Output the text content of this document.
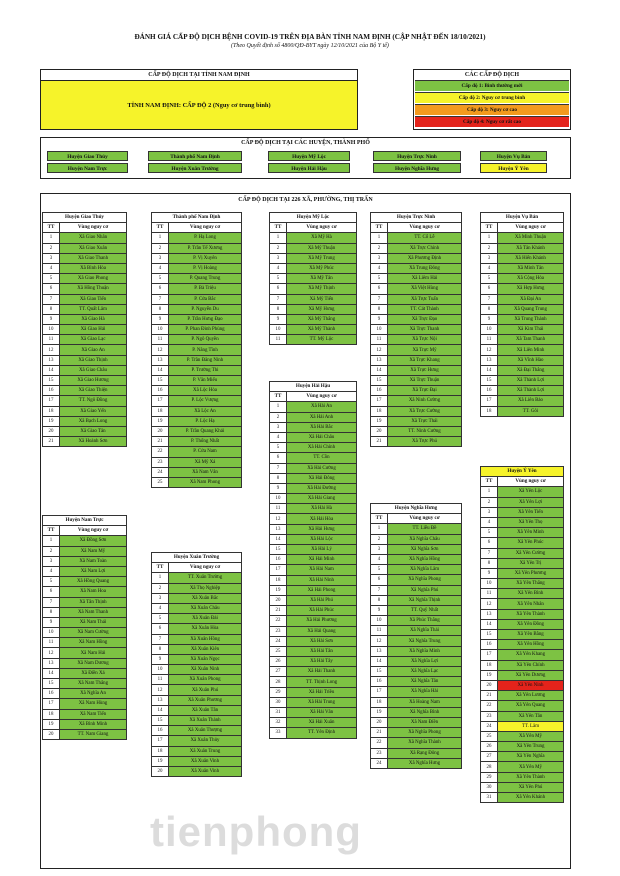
ĐÁNH GIÁ CẤP ĐỘ DỊCH BỆNH COVID-19 TRÊN ĐỊA BÀN TỈNH NAM ĐỊNH (CẬP NHẬT ĐẾN 18/10/2021)
(Theo Quyết định số 4800/QĐ-BYT ngày 12/10/2021 của Bộ Y tế)
CẤP ĐỘ DỊCH TẠI TỈNH NAM ĐỊNH
TỈNH NAM ĐỊNH: CẤP ĐỘ 2 (Nguy cơ trung bình)
CÁC CẤP ĐỘ DỊCH
Cấp độ 1: Bình thường mới
Cấp độ 2: Nguy cơ trung bình
Cấp độ 3: Nguy cơ cao
Cấp độ 4: Nguy cơ rất cao
CẤP ĐỘ DỊCH TẠI CÁC HUYỆN, THÀNH PHỐ
Huyện Giao Thủy	Thành phố Nam Định	Huyện Mỹ Lộc	Huyện Trực Ninh	Huyện Vụ Bản
Huyện Nam Trực	Huyện Xuân Trường	Huyện Hải Hậu	Huyện Nghĩa Hưng	Huyện Ý Yên
CẤP ĐỘ DỊCH TẠI 226 XÃ, PHƯỜNG, THỊ TRẤN
Huyện Giao Thủy	
TT	Vùng nguy cơ
1	Xã Giao Nhân
2	Xã Giao Xuân
3	Xã Giao Thanh
4	Xã Bình Hòa
5	Xã Giao Phong
6	Xã Hồng Thuận
7	Xã Giao Tiến
8	TT. Quất Lâm
9	Xã Giao Hà
10	Xã Giao Hải
11	Xã Giao Lạc
12	Xã Giao An
13	Xã Giao Thịnh
14	Xã Giao Châu
15	Xã Giao Hương
16	Xã Giao Thiện
17	TT. Ngô Đồng
18	Xã Giao Yến
19	Xã Bạch Long
20	Xã Giao Tân
21	Xã Hoành Sơn
Huyện Nam Trực	
TT	Vùng nguy cơ
1	Xã Đồng Sơn
2	Xã Nam Mỹ
3	Xã Nam Toàn
4	Xã Nam Lợi
5	Xã Hồng Quang
6	Xã Nam Hoa
7	Xã Tân Thịnh
8	Xã Nam Thanh
9	Xã Nam Thái
10	Xã Nam Cường
11	Xã Nam Hồng
12	Xã Nam Hải
13	Xã Nam Dương
14	Xã Điền Xá
15	Xã Nam Thắng
16	Xã Nghĩa An
17	Xã Nam Hùng
18	Xã Nam Tiến
19	Xã Bình Minh
20	TT. Nam Giang
Thành phố Nam Định	
TT	Vùng nguy cơ
1	P. Hạ Long
2	P. Trần Tế Xương
3	P. Vị Xuyên
4	P. Vị Hoàng
5	P. Quang Trung
6	P. Bà Triệu
7	P. Cửa Bắc
8	P. Nguyễn Du
9	P. Trần Hưng Đạo
10	P. Phan Đình Phùng
11	P. Ngô Quyền
12	P. Năng Tĩnh
13	P. Trần Đăng Ninh
14	P. Trường Thi
15	P. Văn Miếu
16	Xã Lộc Hòa
17	P. Lộc Vượng
18	Xã Lộc An
19	P. Lộc Hạ
20	P. Trần Quang Khải
21	P. Thống Nhất
22	P. Cửa Nam
23	Xã Mỹ Xá
24	Xã Nam Vân
25	Xã Nam Phong
Huyện Xuân Trường	
TT	Vùng nguy cơ
1	TT. Xuân Trường
2	Xã Thọ Nghiệp
3	Xã Xuân Bắc
4	Xã Xuân Châu
5	Xã Xuân Đài
6	Xã Xuân Hòa
7	Xã Xuân Hồng
8	Xã Xuân Kiên
9	Xã Xuân Ngọc
10	Xã Xuân Ninh
11	Xã Xuân Phong
12	Xã Xuân Phú
13	Xã Xuân Phương
14	Xã Xuân Tân
15	Xã Xuân Thành
16	Xã Xuân Thượng
17	Xã Xuân Thủy
18	Xã Xuân Trung
19	Xã Xuân Vinh
20	Xã Xuân Vinh
Huyện Mỹ Lộc	
TT	Vùng nguy cơ
1	Xã Mỹ Hà
2	Xã Mỹ Thuận
3	Xã Mỹ Trung
4	Xã Mỹ Phúc
5	Xã Mỹ Tân
6	Xã Mỹ Thịnh
7	Xã Mỹ Tiến
8	Xã Mỹ Hưng
9	Xã Mỹ Thắng
10	Xã Mỹ Thành
11	TT. Mỹ Lộc
Huyện Hải Hậu	
TT	Vùng nguy cơ
1	Xã Hải An
2	Xã Hải Anh
3	Xã Hải Bắc
4	Xã Hải Châu
5	Xã Hải Chính
6	TT. Cồn
7	Xã Hải Cường
8	Xã Hải Đông
9	Xã Hải Đường
10	Xã Hải Giang
11	Xã Hải Hà
12	Xã Hải Hòa
13	Xã Hải Hưng
14	Xã Hải Lộc
15	Xã Hải Lý
16	Xã Hải Minh
17	Xã Hải Nam
18	Xã Hải Ninh
19	Xã Hải Phong
20	Xã Hải Phú
21	Xã Hải Phúc
22	Xã Hải Phương
23	Xã Hải Quang
24	Xã Hải Sơn
25	Xã Hải Tân
26	Xã Hải Tây
27	Xã Hải Thanh
28	TT. Thịnh Long
29	Xã Hải Triều
30	Xã Hải Trung
31	Xã Hải Vân
32	Xã Hải Xuân
33	TT. Yên Định
Huyện Trực Ninh	
TT	Vùng nguy cơ
1	TT. Cổ Lễ
2	Xã Trực Chính
3	Xã Phương Định
4	Xã Trung Đông
5	Xã Liêm Hải
6	Xã Việt Hùng
7	Xã Trực Tuấn
8	TT. Cát Thành
9	Xã Trực Đạo
10	Xã Trực Thanh
11	Xã Trực Nội
12	Xã Trực Mỹ
13	Xã Trực Khang
14	Xã Trực Hưng
15	Xã Trực Thuận
16	Xã Trực Đại
17	Xã Ninh Cường
18	Xã Trực Cường
19	Xã Trực Thái
20	TT. Ninh Cường
21	Xã Trực Phú
Huyện Nghĩa Hưng	
TT	Vùng nguy cơ
1	TT. Liễu Đề
2	Xã Nghĩa Châu
3	Xã Nghĩa Sơn
4	Xã Nghĩa Hồng
5	Xã Nghĩa Lâm
6	Xã Nghĩa Phong
7	Xã Nghĩa Phú
8	Xã Nghĩa Thịnh
9	TT. Quỹ Nhất
10	Xã Phúc Thắng
11	Xã Nghĩa Thái
12	Xã Nghĩa Trung
13	Xã Nghĩa Minh
14	Xã Nghĩa Lợi
15	Xã Nghĩa Lạc
16	Xã Nghĩa Tân
17	Xã Nghĩa Hải
18	Xã Hoàng Nam
19	Xã Nghĩa Bình
20	Xã Nam Điền
21	Xã Nghĩa Phong
22	Xã Nghĩa Thành
23	Xã Rạng Đông
24	Xã Nghĩa Hưng
Huyện Vụ Bản	
TT	Vùng nguy cơ
1	Xã Minh Thuận
2	Xã Tân Khánh
3	Xã Hiển Khánh
4	Xã Minh Tân
5	Xã Cộng Hòa
6	Xã Hợp Hưng
7	Xã Đại An
8	Xã Quang Trung
9	Xã Trung Thành
10	Xã Kim Thái
11	Xã Tam Thanh
12	Xã Liên Minh
13	Xã Vĩnh Hào
14	Xã Đại Thắng
15	Xã Thành Lợi
16	Xã Thành Lợi
17	Xã Liên Bảo
18	TT. Gôi
Huyện Ý Yên	
TT	Vùng nguy cơ
1	Xã Yên Lộc
2	Xã Yên Lợi
3	Xã Yên Tiến
4	Xã Yên Thọ
5	Xã Yên Minh
6	Xã Yên Phúc
7	Xã Yên Cường
8	Xã Yên Trị
9	Xã Yên Phương
10	Xã Yên Thắng
11	Xã Yên Bình
12	Xã Yên Nhân
13	Xã Yên Thành
14	Xã Yên Đồng
15	Xã Yên Bằng
16	Xã Yên Hồng
17	Xã Yên Khang
18	Xã Yên Chính
19	Xã Yên Dương
20	Xã Yên Ninh
21	Xã Yên Lương
22	Xã Yên Quang
23	Xã Yên Tân
24	TT. Lâm
25	Xã Yên Mỹ
26	Xã Yên Trung
27	Xã Yên Nghĩa
28	Xã Yên Mỹ
29	Xã Yên Thành
30	Xã Yên Phú
31	Xã Yên Khánh
tienphong
